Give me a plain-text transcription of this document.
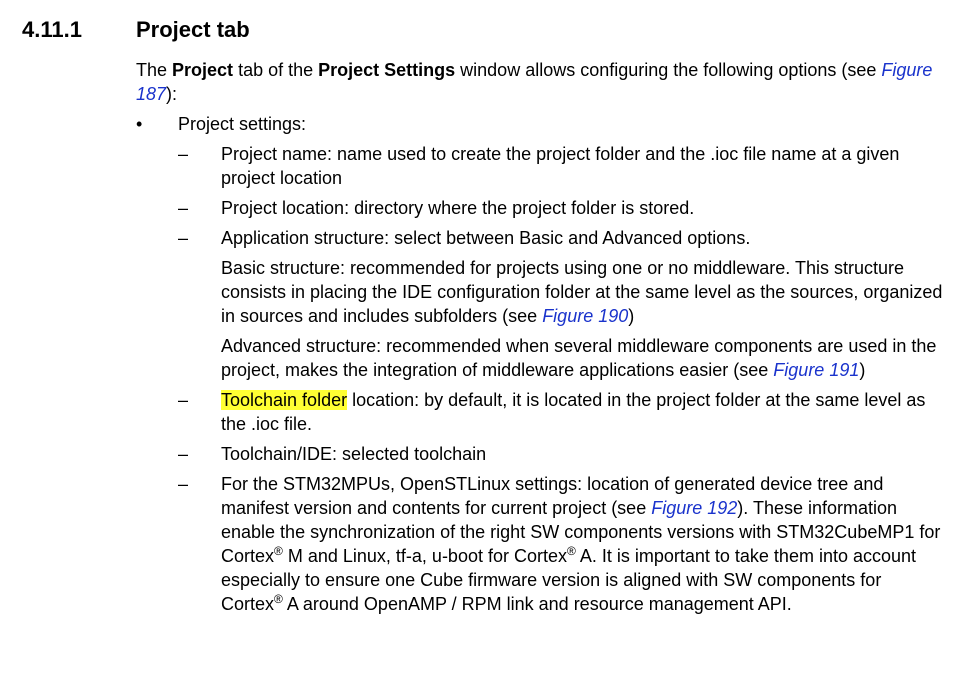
4.11.1 Project tab

The Project tab of the Project Settings window allows configuring the following options (see Figure 187):

•	Project settings:
–	Project name: name used to create the project folder and the .ioc file name at a given project location
–	Project location: directory where the project folder is stored.
–	Application structure: select between Basic and Advanced options.
Basic structure: recommended for projects using one or no middleware. This structure consists in placing the IDE configuration folder at the same level as the sources, organized in sources and includes subfolders (see Figure 190)
Advanced structure: recommended when several middleware components are used in the project, makes the integration of middleware applications easier (see Figure 191)
–	Toolchain folder location: by default, it is located in the project folder at the same level as the .ioc file.
–	Toolchain/IDE: selected toolchain
–	For the STM32MPUs, OpenSTLinux settings: location of generated device tree and manifest version and contents for current project (see Figure 192). These information enable the synchronization of the right SW components versions with STM32CubeMP1 for Cortex® M and Linux, tf-a, u-boot for Cortex® A. It is important to take them into account especially to ensure one Cube firmware version is aligned with SW components for Cortex® A around OpenAMP / RPM link and resource management API.
